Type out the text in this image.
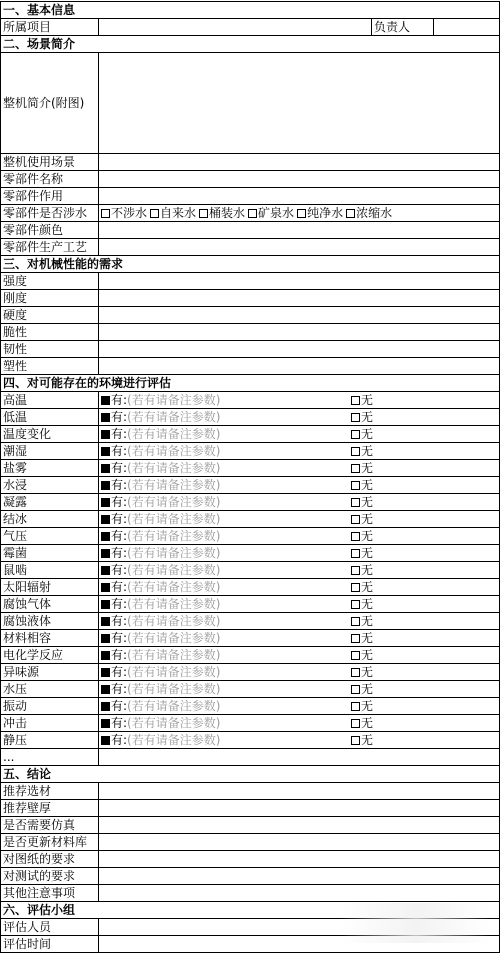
一、基本信息			
所属项目		负责人	
二、场景简介			
整机简介(附图)			
整机使用场景			
零部件名称			
零部件作用			
零部件是否涉水	不涉水 自来水 桶装水 矿泉水 纯净水 浓缩水		
零部件颜色			
零部件生产工艺			
三、对机械性能的需求			
强度			
刚度			
硬度			
脆性			
韧性			
塑性			
四、对可能存在的环境进行评估			
高温	有:(若有请备注参数) 无		
低温	有:(若有请备注参数) 无		
温度变化	有:(若有请备注参数) 无		
潮湿	有:(若有请备注参数) 无		
盐雾	有:(若有请备注参数) 无		
水浸	有:(若有请备注参数) 无		
凝露	有:(若有请备注参数) 无		
结冰	有:(若有请备注参数) 无		
气压	有:(若有请备注参数) 无		
霉菌	有:(若有请备注参数) 无		
鼠啮	有:(若有请备注参数) 无		
太阳辐射	有:(若有请备注参数) 无		
腐蚀气体	有:(若有请备注参数) 无		
腐蚀液体	有:(若有请备注参数) 无		
材料相容	有:(若有请备注参数) 无		
电化学反应	有:(若有请备注参数) 无		
异味源	有:(若有请备注参数) 无		
水压	有:(若有请备注参数) 无		
振动	有:(若有请备注参数) 无		
冲击	有:(若有请备注参数) 无		
静压	有:(若有请备注参数) 无		
...			
五、结论			
推荐选材			
推荐壁厚			
是否需要仿真			
是否更新材料库			
对图纸的要求			
对测试的要求			
其他注意事项			
六、评估小组			
评估人员			
评估时间			
